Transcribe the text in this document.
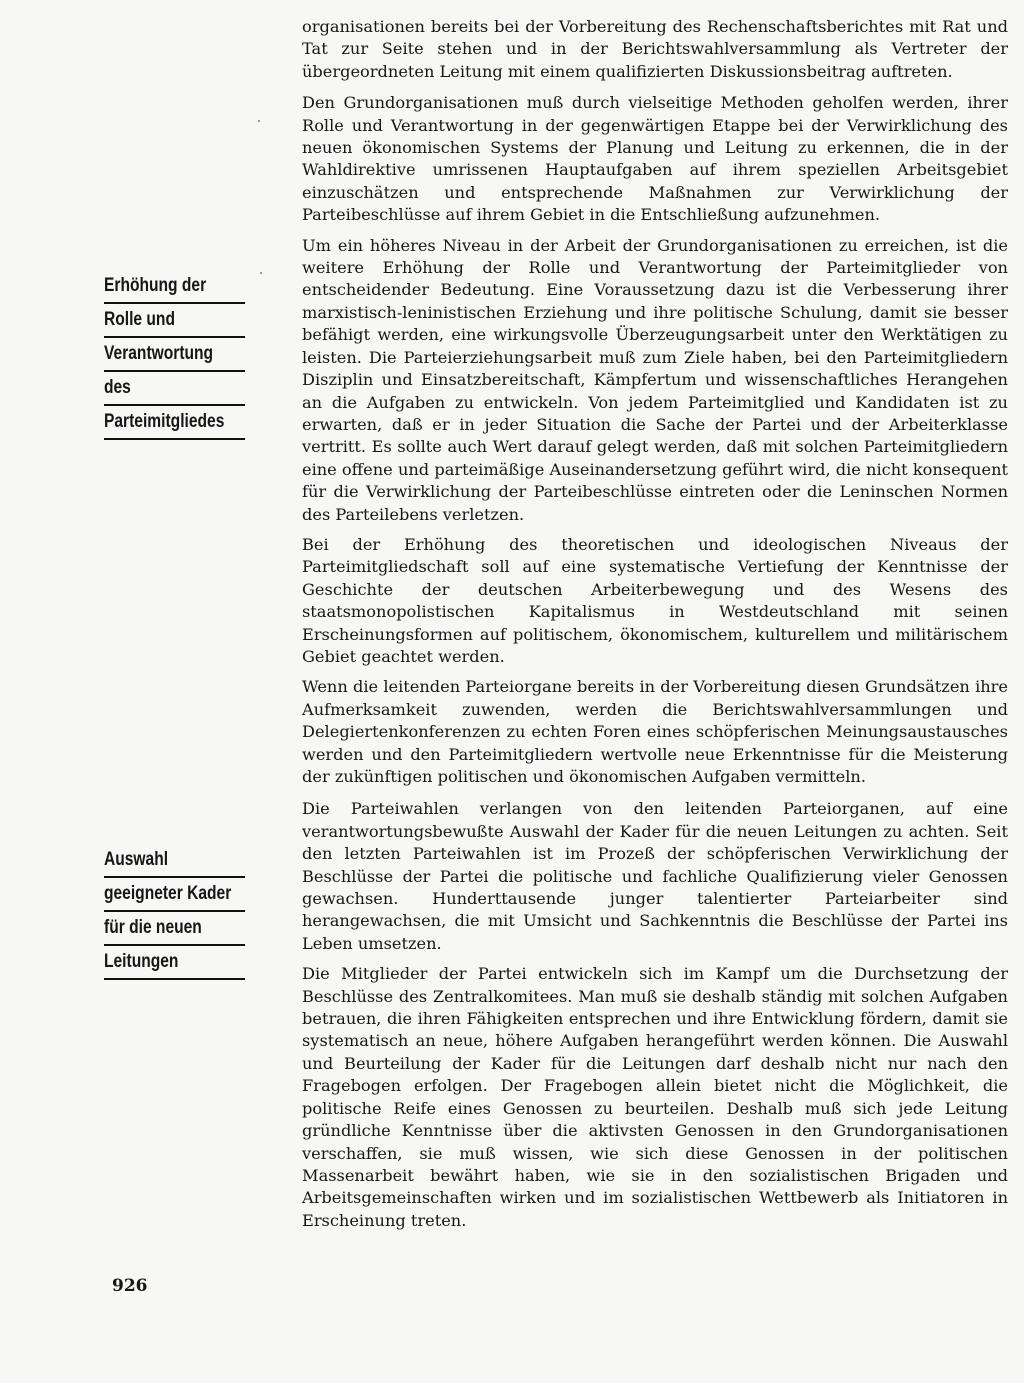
Erhöhung der
Rolle und
Verantwortung
des
Parteimitgliedes
Auswahl
geeigneter Kader
für die neuen
Leitungen

organisationen bereits bei der Vorbereitung des Rechenschaftsberichtes mit Rat und Tat zur Seite stehen und in der Berichtswahlversammlung als Vertreter der übergeordneten Leitung mit einem qualifizierten Diskussionsbeitrag auftreten.

Den Grundorganisationen muß durch vielseitige Methoden geholfen werden, ihrer Rolle und Verantwortung in der gegenwärtigen Etappe bei der Verwirklichung des neuen ökonomischen Systems der Planung und Leitung zu erkennen, die in der Wahldirektive umrissenen Hauptaufgaben auf ihrem speziellen Arbeitsgebiet einzuschätzen und entsprechende Maßnahmen zur Verwirklichung der Parteibeschlüsse auf ihrem Gebiet in die Entschließung aufzunehmen.

Um ein höheres Niveau in der Arbeit der Grundorganisationen zu erreichen, ist die weitere Erhöhung der Rolle und Verantwortung der Parteimitglieder von entscheidender Bedeutung. Eine Voraussetzung dazu ist die Verbesserung ihrer marxistisch-leninistischen Erziehung und ihre politische Schulung, damit sie besser befähigt werden, eine wirkungsvolle Überzeugungsarbeit unter den Werktätigen zu leisten. Die Parteierziehungsarbeit muß zum Ziele haben, bei den Parteimitgliedern Disziplin und Einsatzbereitschaft, Kämpfertum und wissenschaftliches Herangehen an die Aufgaben zu entwickeln. Von jedem Parteimitglied und Kandidaten ist zu erwarten, daß er in jeder Situation die Sache der Partei und der Arbeiterklasse vertritt. Es sollte auch Wert darauf gelegt werden, daß mit solchen Parteimitgliedern eine offene und parteimäßige Auseinandersetzung geführt wird, die nicht konsequent für die Verwirklichung der Parteibeschlüsse eintreten oder die Leninschen Normen des Parteilebens verletzen.

Bei der Erhöhung des theoretischen und ideologischen Niveaus der Parteimitgliedschaft soll auf eine systematische Vertiefung der Kenntnisse der Geschichte der deutschen Arbeiterbewegung und des Wesens des staatsmonopolistischen Kapitalismus in Westdeutschland mit seinen Erscheinungsformen auf politischem, ökonomischem, kulturellem und militärischem Gebiet geachtet werden.

Wenn die leitenden Parteiorgane bereits in der Vorbereitung diesen Grundsätzen ihre Aufmerksamkeit zuwenden, werden die Berichtswahlversammlungen und Delegiertenkonferenzen zu echten Foren eines schöpferischen Meinungsaustausches werden und den Parteimitgliedern wertvolle neue Erkenntnisse für die Meisterung der zukünftigen politischen und ökonomischen Aufgaben vermitteln.

Die Parteiwahlen verlangen von den leitenden Parteiorganen, auf eine verantwortungsbewußte Auswahl der Kader für die neuen Leitungen zu achten. Seit den letzten Parteiwahlen ist im Prozeß der schöpferischen Verwirklichung der Beschlüsse der Partei die politische und fachliche Qualifizierung vieler Genossen gewachsen. Hunderttausende junger talentierter Parteiarbeiter sind herangewachsen, die mit Umsicht und Sachkenntnis die Beschlüsse der Partei ins Leben umsetzen.

Die Mitglieder der Partei entwickeln sich im Kampf um die Durchsetzung der Beschlüsse des Zentralkomitees. Man muß sie deshalb ständig mit solchen Aufgaben betrauen, die ihren Fähigkeiten entsprechen und ihre Entwicklung fördern, damit sie systematisch an neue, höhere Aufgaben herangeführt werden können. Die Auswahl und Beurteilung der Kader für die Leitungen darf deshalb nicht nur nach den Fragebogen erfolgen. Der Fragebogen allein bietet nicht die Möglichkeit, die politische Reife eines Genossen zu beurteilen. Deshalb muß sich jede Leitung gründliche Kenntnisse über die aktivsten Genossen in den Grundorganisationen verschaffen, sie muß wissen, wie sich diese Genossen in der politischen Massenarbeit bewährt haben, wie sie in den sozialistischen Brigaden und Arbeitsgemeinschaften wirken und im sozialistischen Wettbewerb als Initiatoren in Erscheinung treten.

926
